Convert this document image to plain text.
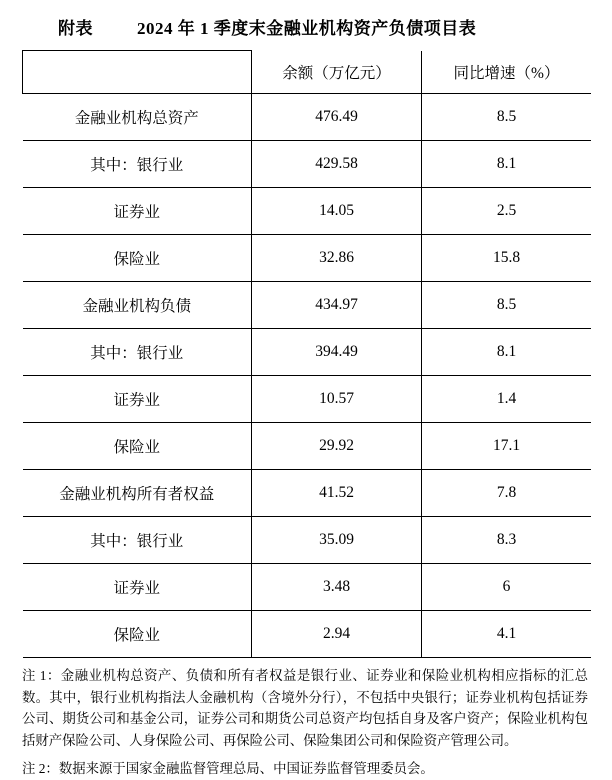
附表	2024 年 1 季度末金融业机构资产负债项目表
	余额（万亿元）	同比增速（%）
金融业机构总资产	476.49	8.5
其中：银行业	429.58	8.1
证券业	14.05	2.5
保险业	32.86	15.8
金融业机构负债	434.97	8.5
其中：银行业	394.49	8.1
证券业	10.57	1.4
保险业	29.92	17.1
金融业机构所有者权益	41.52	7.8
其中：银行业	35.09	8.3
证券业	3.48	6
保险业	2.94	4.1

注 1：金融业机构总资产、负债和所有者权益是银行业、证券业和保险业机构相应指标的汇总数。其中，银行业机构指法人金融机构（含境外分行），不包括中央银行；证券业机构包括证券公司、期货公司和基金公司，证券公司和期货公司总资产均包括自身及客户资产；保险业机构包括财产保险公司、人身保险公司、再保险公司、保险集团公司和保险资产管理公司。

注 2：数据来源于国家金融监督管理总局、中国证券监督管理委员会。
